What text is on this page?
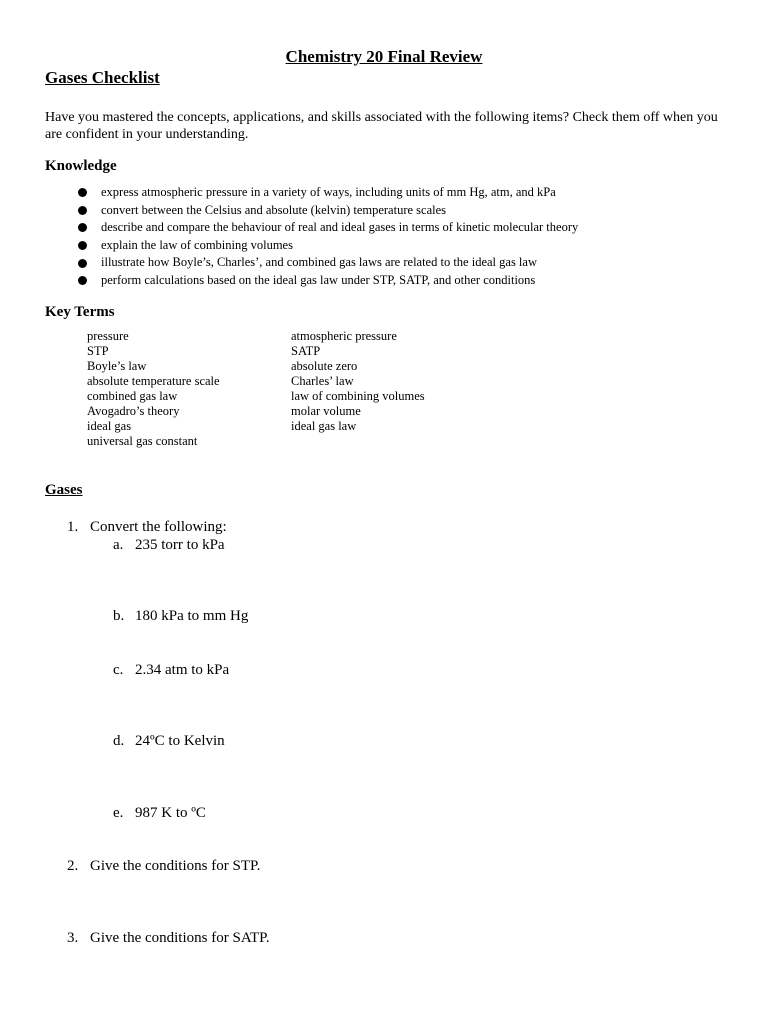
Chemistry 20 Final Review
Gases Checklist
Have you mastered the concepts, applications, and skills associated with the following items? Check them off when you are confident in your understanding.
Knowledge
express atmospheric pressure in a variety of ways, including units of mm Hg, atm, and kPa
convert between the Celsius and absolute (kelvin) temperature scales
describe and compare the behaviour of real and ideal gases in terms of kinetic molecular theory
explain the law of combining volumes
illustrate how Boyle’s, Charles’, and combined gas laws are related to the ideal gas law
perform calculations based on the ideal gas law under STP, SATP, and other conditions
Key Terms
pressure
STP
Boyle’s law
absolute temperature scale
combined gas law
Avogadro’s theory
ideal gas
universal gas constant
atmospheric pressure
SATP
absolute zero
Charles’ law
law of combining volumes
molar volume
ideal gas law
Gases
1. Convert the following:
a. 235 torr to kPa
b. 180 kPa to mm Hg
c. 2.34 atm to kPa
d. 24ºC to Kelvin
e. 987 K to ºC
2. Give the conditions for STP.
3. Give the conditions for SATP.
